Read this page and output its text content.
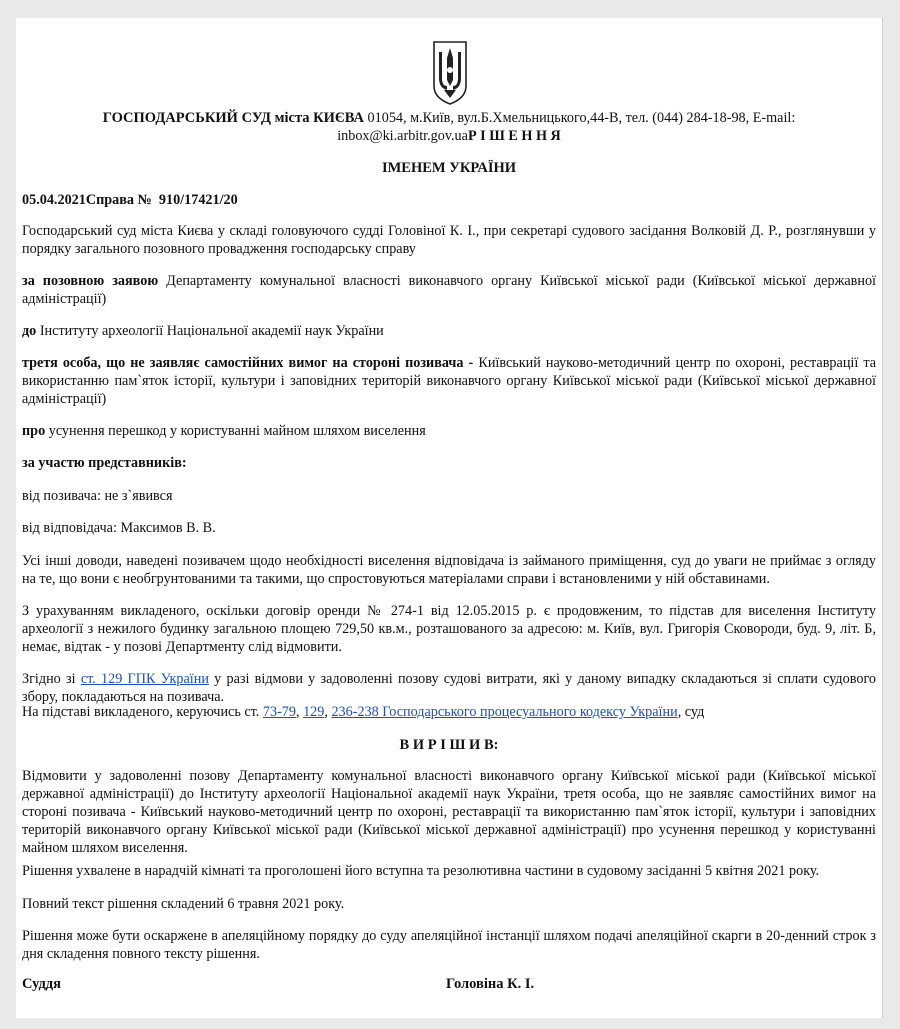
ГОСПОДАРСЬКИЙ СУД міста КИЄВА 01054, м.Київ, вул.Б.Хмельницького,44-В, тел. (044) 284-18-98, E-mail:
inbox@ki.arbitr.gov.uaР І Ш Е Н Н Я

ІМЕНЕМ УКРАЇНИ

05.04.2021Справа № 910/17421/20

Господарський суд міста Києва у складі головуючого судді Головіної К. І., при секретарі судового засідання Волковій Д. Р., розглянувши у порядку загального позовного провадження господарську справу

за позовною заявою Департаменту комунальної власності виконавчого органу Київської міської ради (Київської міської державної адміністрації)

до Інституту археології Національної академії наук України

третя особа, що не заявляє самостійних вимог на стороні позивача - Київський науково-методичний центр по охороні, реставрації та використанню пам`яток історії, культури і заповідних територій виконавчого органу Київської міської ради (Київської міської державної адміністрації)

про усунення перешкод у користуванні майном шляхом виселення

за участю представників:

від позивача: не з`явився

від відповідача: Максимов В. В.

Усі інші доводи, наведені позивачем щодо необхідності виселення відповідача із займаного приміщення, суд до уваги не приймає з огляду на те, що вони є необгрунтованими та такими, що спростовуються матеріалами справи і встановленими у ній обставинами.

З урахуванням викладеного, оскільки договір оренди № 274-1 від 12.05.2015 р. є продовженим, то підстав для виселення Інституту археології з нежилого будинку загальною площею 729,50 кв.м., розташованого за адресою: м. Київ, вул. Григорія Сковороди, буд. 9, літ. Б, немає, відтак - у позові Департменту слід відмовити.

Згідно зі ст. 129 ГПК України у разі відмови у задоволенні позову судові витрати, які у даному випадку складаються зі сплати судового збору, покладаються на позивача.

На підставі викладеного, керуючись ст. 73-79, 129, 236-238 Господарського процесуального кодексу України, суд

В И Р І Ш И В:

Відмовити у задоволенні позову Департаменту комунальної власності виконавчого органу Київської міської ради (Київської міської державної адміністрації) до Інституту археології Національної академії наук України, третя особа, що не заявляє самостійних вимог на стороні позивача - Київський науково-методичний центр по охороні, реставрації та використанню пам`яток історії, культури і заповідних територій виконавчого органу Київської міської ради (Київської міської державної адміністрації) про усунення перешкод у користуванні майном шляхом виселення.

Рішення ухвалене в нарадчій кімнаті та проголошені його вступна та резолютивна частини в судовому засіданні 5 квітня 2021 року.

Повний текст рішення складений 6 травня 2021 року.

Рішення може бути оскаржене в апеляційному порядку до суду апеляційної інстанції шляхом подачі апеляційної скарги в 20-денний строк з дня складення повного тексту рішення.

Суддя	Головіна К. І.
